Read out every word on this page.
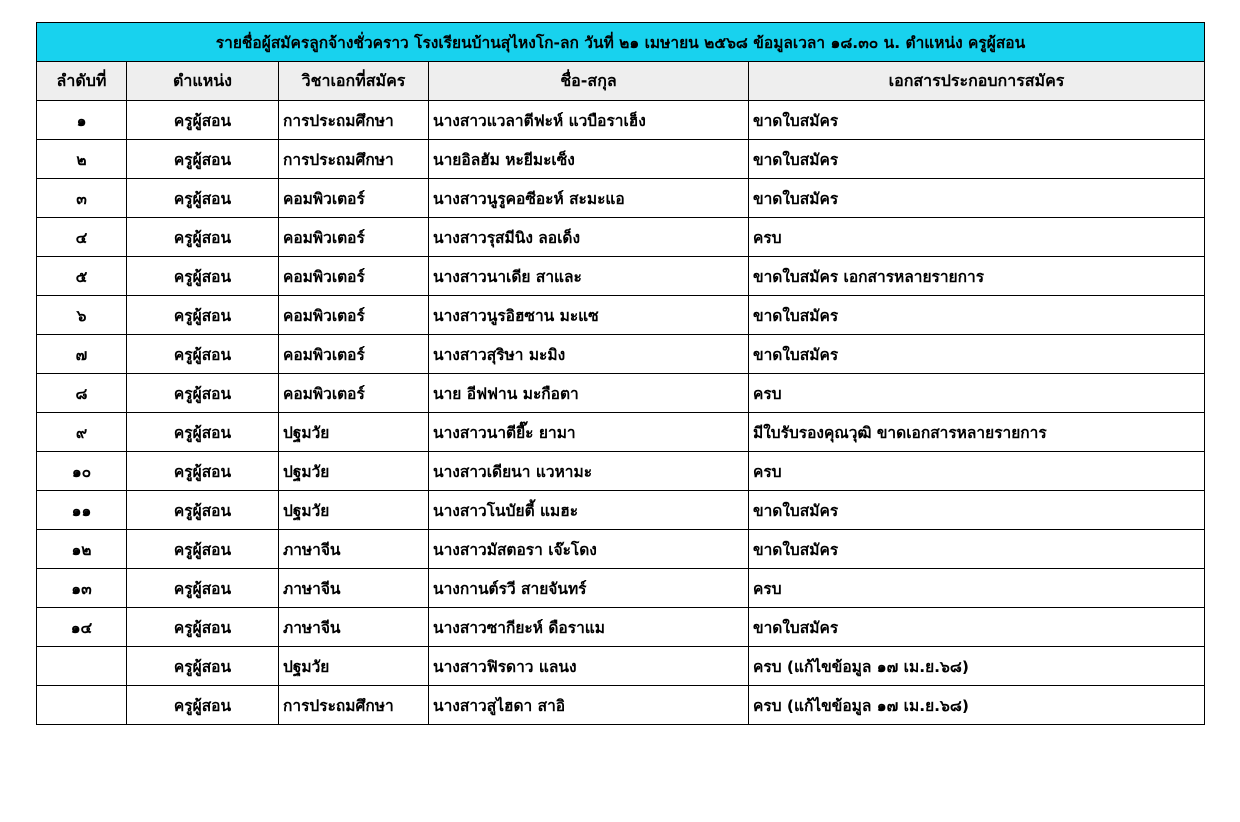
รายชื่อผู้สมัครลูกจ้างชั่วคราว โรงเรียนบ้านสุไหงโก-ลก วันที่ ๒๑ เมษายน ๒๕๖๘ ข้อมูลเวลา ๑๘.๓๐ น. ตำแหน่ง ครูผู้สอน				
ลำดับที่	ตำแหน่ง	วิชาเอกที่สมัคร	ชื่อ-สกุล	เอกสารประกอบการสมัคร
๑	ครูผู้สอน	การประถมศึกษา	นางสาวแวลาตีฟะห์ แวบือราเฮ็ง	ขาดใบสมัคร
๒	ครูผู้สอน	การประถมศึกษา	นายอิลฮัม หะยีมะเซ็ง	ขาดใบสมัคร
๓	ครูผู้สอน	คอมพิวเตอร์	นางสาวนูรูคอซีอะห์ สะมะแอ	ขาดใบสมัคร
๔	ครูผู้สอน	คอมพิวเตอร์	นางสาวรุสมีนิง ลอเด็ง	ครบ
๕	ครูผู้สอน	คอมพิวเตอร์	นางสาวนาเดีย สาและ	ขาดใบสมัคร เอกสารหลายรายการ
๖	ครูผู้สอน	คอมพิวเตอร์	นางสาวนูรอิฮซาน มะแซ	ขาดใบสมัคร
๗	ครูผู้สอน	คอมพิวเตอร์	นางสาวสุริษา มะมิง	ขาดใบสมัคร
๘	ครูผู้สอน	คอมพิวเตอร์	นาย อีฟฟาน มะกือตา	ครบ
๙	ครูผู้สอน	ปฐมวัย	นางสาวนาตียี๊ะ ยามา	มีใบรับรองคุณวุฒิ ขาดเอกสารหลายรายการ
๑๐	ครูผู้สอน	ปฐมวัย	นางสาวเดียนา แวหามะ	ครบ
๑๑	ครูผู้สอน	ปฐมวัย	นางสาวโนบัยตี้ แมฮะ	ขาดใบสมัคร
๑๒	ครูผู้สอน	ภาษาจีน	นางสาวมัสตอรา เจ๊ะโดง	ขาดใบสมัคร
๑๓	ครูผู้สอน	ภาษาจีน	นางกานต์รวี สายจันทร์	ครบ
๑๔	ครูผู้สอน	ภาษาจีน	นางสาวซากียะห์ ดือราแม	ขาดใบสมัคร
	ครูผู้สอน	ปฐมวัย	นางสาวฟิรดาว แลนง	ครบ (แก้ไขข้อมูล ๑๗ เม.ย.๖๘)
	ครูผู้สอน	การประถมศึกษา	นางสาวสูไฮดา สาอิ	ครบ (แก้ไขข้อมูล ๑๗ เม.ย.๖๘)
